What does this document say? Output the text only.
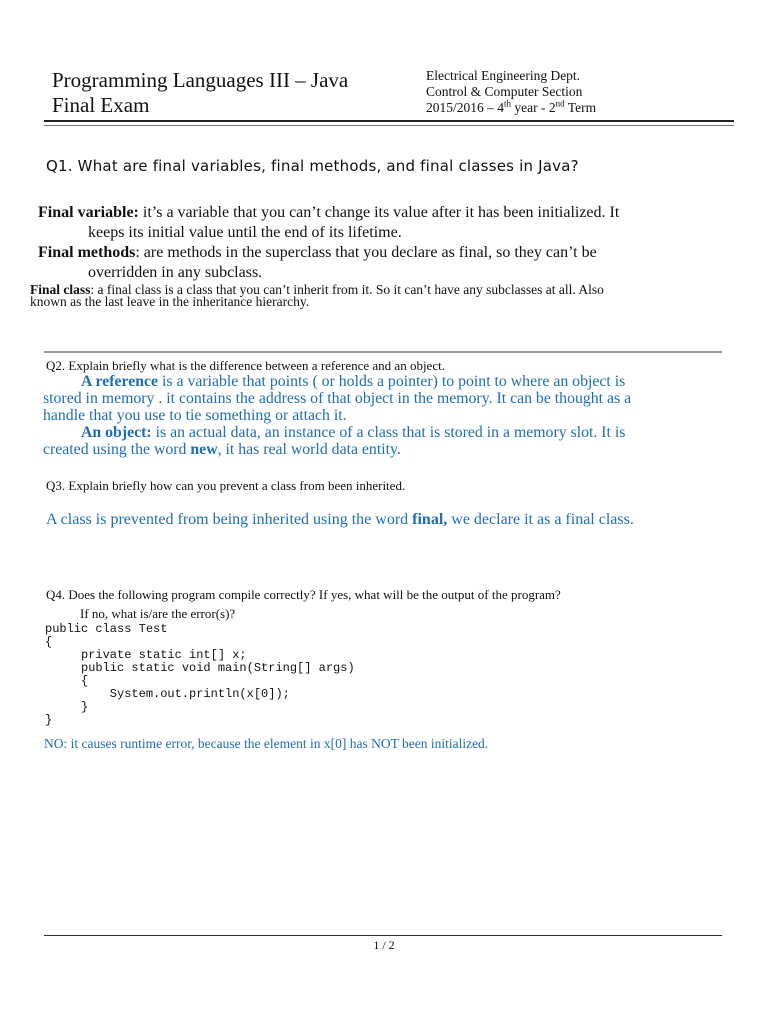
Programming Languages III – Java
Final Exam
Electrical Engineering Dept.
Control & Computer Section
2015/2016 – 4th year - 2nd Term
Q1. What are final variables, final methods, and final classes in Java?
Final variable: it’s a variable that you can’t change its value after it has been initialized. It
keeps its initial value until the end of its lifetime.
Final methods: are methods in the superclass that you declare as final, so they can’t be
overridden in any subclass.
Final class: a final class is a class that you can’t inherit from it. So it can’t have any subclasses at all. Also
known as the last leave in the inheritance hierarchy.
Q2. Explain briefly what is the difference between a reference and an object.
A reference is a variable that points ( or holds a pointer) to point to where an object is
stored in memory . it contains the address of that object in the memory. It can be thought as a
handle that you use to tie something or attach it.
An object: is an actual data, an instance of a class that is stored in a memory slot. It is
created using the word new, it has real world data entity.
Q3. Explain briefly how can you prevent a class from been inherited.
A class is prevented from being inherited using the word final, we declare it as a final class.
Q4. Does the following program compile correctly? If yes, what will be the output of the program?
If no, what is/are the error(s)?
public class Test
{
private static int[] x;
public static void main(String[] args)
{
System.out.println(x[0]);
}
}
NO: it causes runtime error, because the element in x[0] has NOT been initialized.
1 / 2
